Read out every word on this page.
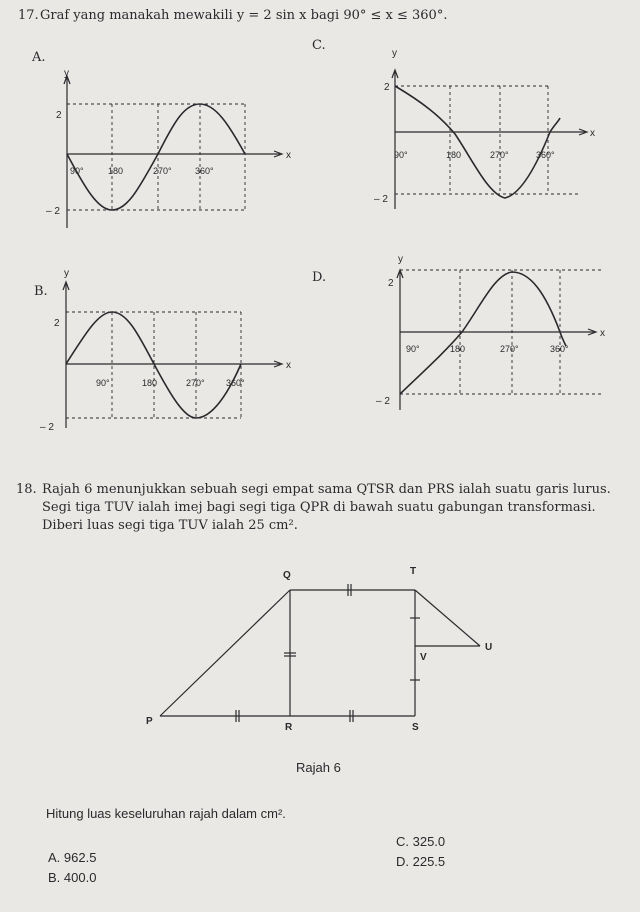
17. Graf yang manakah mewakili y = 2 sin x bagi 90° ≤ x ≤ 360°.
A.
y
x
2
– 2
90°	180	270°	360°
C.
y
x
2
– 2
90°	180	270°	360°
B.
y
x
2
– 2
90°	180	270° 360°
D.
y
x
2
– 2
90°	180	270°	360°
18. Rajah 6 menunjukkan sebuah segi empat sama QTSR dan PRS ialah suatu garis lurus.
Segi tiga TUV ialah imej bagi segi tiga QPR di bawah suatu gabungan transformasi.
Diberi luas segi tiga TUV ialah 25 cm².
Q	T
U
V
P
R	S
Rajah 6
Hitung luas keseluruhan rajah dalam cm².
A. 962.5
B. 400.0
C. 325.0
D. 225.5
